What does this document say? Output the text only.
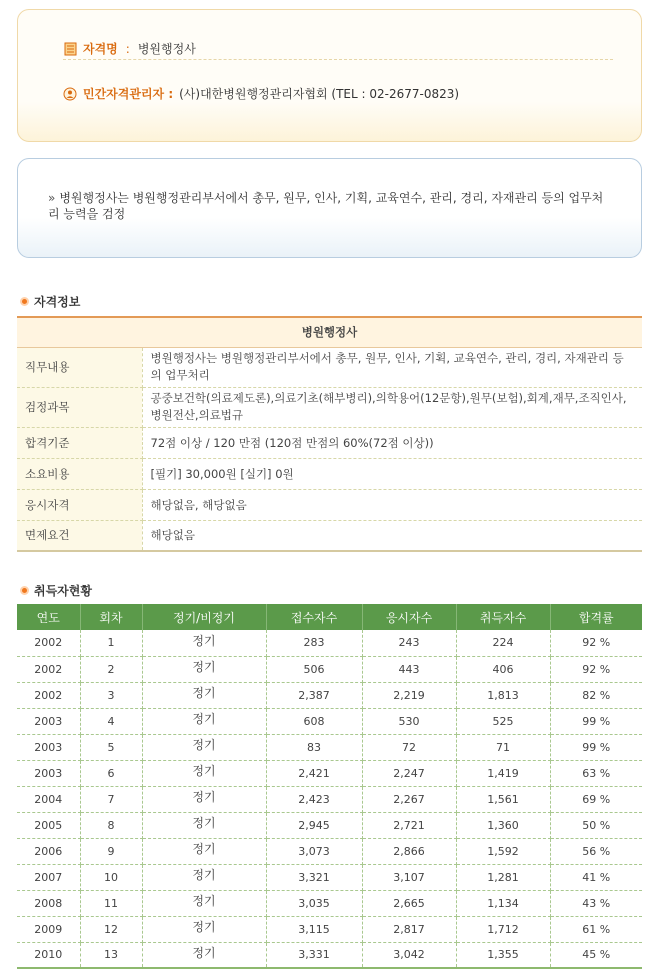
자격명 : 병원행정사
민간자격관리자 : (사)대한병원행정관리자협회 (TEL : 02-2677-0823)
» 병원행정사는 병원행정관리부서에서 총무, 원무, 인사, 기획, 교육연수, 관리, 경리, 자재관리 등의 업무처리 능력을 검정
자격정보
병원행정사	
직무내용	병원행정사는 병원행정관리부서에서 총무, 원무, 인사, 기획, 교육연수, 관리, 경리, 자재관리 등의 업무처리
검정과목	공중보건학(의료제도론),의료기초(해부병리),의학용어(12문항),원무(보험),회계,재무,조직인사,병원전산,의료법규
합격기준	72점 이상 / 120 만점 (120점 만점의 60%(72점 이상))
소요비용	[필기] 30,000원 [실기] 0원
응시자격	해당없음, 해당없음
면제요건	해당없음
취득자현황
연도	회차	정기/비정기	접수자수	응시자수	취득자수	합격률
2002	1	정기	283	243	224	92 %
2002	2	정기	506	443	406	92 %
2002	3	정기	2,387	2,219	1,813	82 %
2003	4	정기	608	530	525	99 %
2003	5	정기	83	72	71	99 %
2003	6	정기	2,421	2,247	1,419	63 %
2004	7	정기	2,423	2,267	1,561	69 %
2005	8	정기	2,945	2,721	1,360	50 %
2006	9	정기	3,073	2,866	1,592	56 %
2007	10	정기	3,321	3,107	1,281	41 %
2008	11	정기	3,035	2,665	1,134	43 %
2009	12	정기	3,115	2,817	1,712	61 %
2010	13	정기	3,331	3,042	1,355	45 %
